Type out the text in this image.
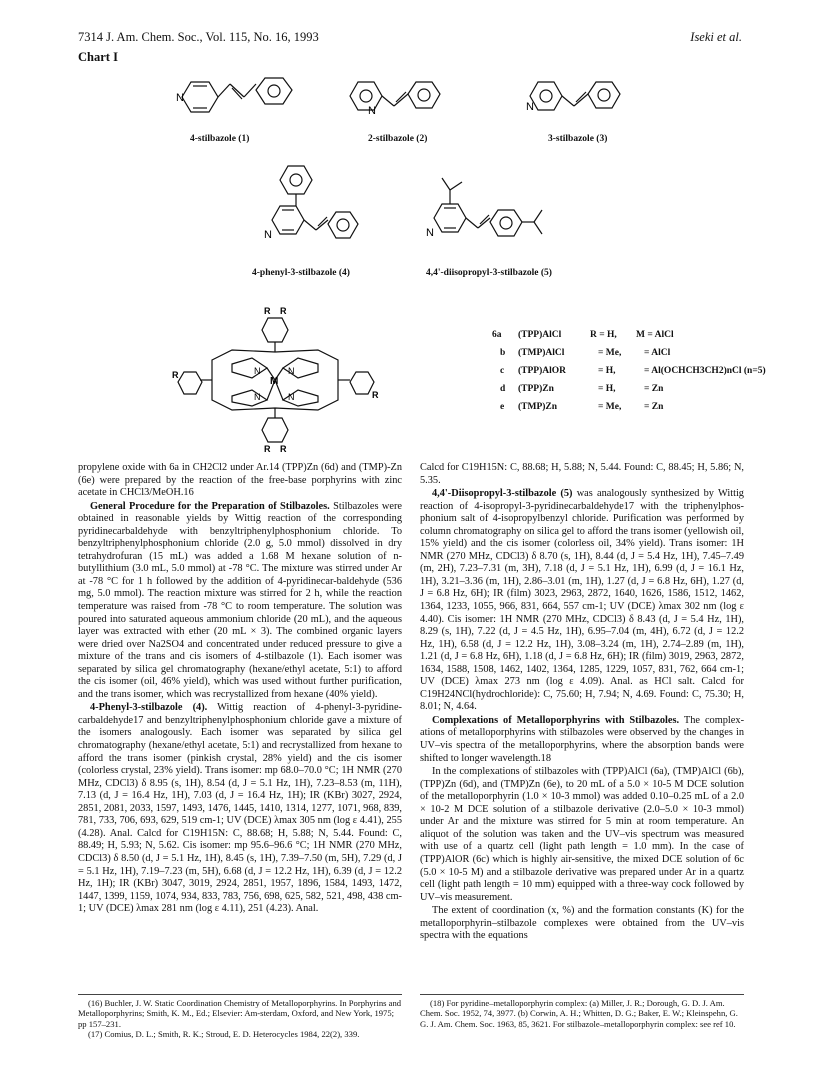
7314 J. Am. Chem. Soc., Vol. 115, No. 16, 1993	Iseki et al.
Chart I
N
N	N
4-stilbazole (1)	2-stilbazole (2)	3-stilbazole (3)
N	N
4-phenyl-3-stilbazole (4)	4,4'-diisopropyl-3-stilbazole (5)
M
N	N
N	N
R R
R
R
R R
6a (TPP)AlCl	R = H, M = AlCl
b (TMP)AlCl	= Me, = AlCl
c (TPP)AlOR	= H,	= Al(OCHCH3CH2)nCl (n=5)
d (TPP)Zn	= H,	= Zn
e (TMP)Zn	= Me, = Zn

propylene oxide with 6a in CH2Cl2 under Ar.14 (TPP)Zn (6d) and (TMP)-Zn (6e) were prepared by the reaction of the free-base porphyrins with zinc acetate in CHCl3/MeOH.16

General Procedure for the Preparation of Stilbazoles. Stilbazoles were obtained in reasonable yields by Wittig reaction of the corresponding pyridinecarbaldehyde with benzyltriphenylphosphonium chloride. To benzyltriphenylphosphonium chloride (2.0 g, 5.0 mmol) dissolved in dry tetrahydrofuran (15 mL) was added a 1.68 M hexane solution of n-butyllithium (3.0 mL, 5.0 mmol) at -78 °C. The mixture was stirred under Ar at -78 °C for 1 h followed by the addition of 4-pyridinecar-baldehyde (536 mg, 5.0 mmol). The reaction mixture was stirred for 2 h, while the reaction temperature was raised from -78 °C to room temperature. The solution was poured into saturated aqueous ammonium chloride (20 mL), and the aqueous layer was extracted with ether (20 mL × 3). The combined organic layers were dried over Na2SO4 and concentrated under reduced pressure to give a mixture of the trans and cis isomers of 4-stilbazole (1). Each isomer was separated by silica gel chromatography (hexane/ethyl acetate, 5:1) to afford the cis isomer (oil, 46% yield), which was used without further purification, and the trans isomer, which was recrystallized from hexane (40% yield).

4-Phenyl-3-stilbazole (4). Wittig reaction of 4-phenyl-3-pyridine-carbaldehyde17 and benzyltriphenylphosphonium chloride gave a mixture of the isomers analogously. Each isomer was separated by silica gel chromatography (hexane/ethyl acetate, 5:1) and recrystallized from hexane to afford the trans isomer (pinkish crystal, 28% yield) and the cis isomer (colorless crystal, 23% yield). Trans isomer: mp 68.0–70.0 °C; 1H NMR (270 MHz, CDCl3) δ 8.95 (s, 1H), 8.54 (d, J = 5.1 Hz, 1H), 7.23–8.53 (m, 11H), 7.13 (d, J = 16.4 Hz, 1H), 7.03 (d, J = 16.4 Hz, 1H); IR (KBr) 3027, 2924, 2851, 2081, 2033, 1597, 1493, 1476, 1445, 1410, 1314, 1277, 1071, 968, 839, 781, 733, 706, 693, 629, 519 cm-1; UV (DCE) λmax 305 nm (log ε 4.41), 255 (4.28). Anal. Calcd for C19H15N: C, 88.68; H, 5.88; N, 5.44. Found: C, 88.49; H, 5.93; N, 5.62. Cis isomer: mp 95.6–96.6 °C; 1H NMR (270 MHz, CDCl3) δ 8.50 (d, J = 5.1 Hz, 1H), 8.45 (s, 1H), 7.39–7.50 (m, 5H), 7.29 (d, J = 5.1 Hz, 1H), 7.19–7.23 (m, 5H), 6.68 (d, J = 12.2 Hz, 1H), 6.39 (d, J = 12.2 Hz, 1H); IR (KBr) 3047, 3019, 2924, 2851, 1957, 1896, 1584, 1493, 1472, 1447, 1399, 1159, 1074, 934, 833, 783, 756, 698, 625, 582, 521, 498, 438 cm-1; UV (DCE) λmax 281 nm (log ε 4.11), 251 (4.23). Anal.

Calcd for C19H15N: C, 88.68; H, 5.88; N, 5.44. Found: C, 88.45; H, 5.86; N, 5.35.

4,4'-Diisopropyl-3-stilbazole (5) was analogously synthesized by Wittig reaction of 4-isopropyl-3-pyridinecarbaldehyde17 with the triphenylphos-phonium salt of 4-isopropylbenzyl chloride. Purification was performed by column chromatography on silica gel to afford the trans isomer (yellowish oil, 15% yield) and the cis isomer (colorless oil, 34% yield). Trans isomer: 1H NMR (270 MHz, CDCl3) δ 8.70 (s, 1H), 8.44 (d, J = 5.4 Hz, 1H), 7.45–7.49 (m, 2H), 7.23–7.31 (m, 3H), 7.18 (d, J = 5.1 Hz, 1H), 6.99 (d, J = 16.1 Hz, 1H), 3.21–3.36 (m, 1H), 2.86–3.01 (m, 1H), 1.27 (d, J = 6.8 Hz, 6H), 1.27 (d, J = 6.8 Hz, 6H); IR (film) 3023, 2963, 2872, 1640, 1626, 1586, 1512, 1462, 1364, 1233, 1055, 966, 831, 664, 557 cm-1; UV (DCE) λmax 302 nm (log ε 4.40). Cis isomer: 1H NMR (270 MHz, CDCl3) δ 8.43 (d, J = 5.4 Hz, 1H), 8.29 (s, 1H), 7.22 (d, J = 4.5 Hz, 1H), 6.95–7.04 (m, 4H), 6.72 (d, J = 12.2 Hz, 1H), 6.58 (d, J = 12.2 Hz, 1H), 3.08–3.24 (m, 1H), 2.74–2.89 (m, 1H), 1.21 (d, J = 6.8 Hz, 6H), 1.18 (d, J = 6.8 Hz, 6H); IR (film) 3019, 2963, 2872, 1634, 1588, 1508, 1462, 1402, 1364, 1285, 1229, 1057, 831, 762, 664 cm-1; UV (DCE) λmax 273 nm (log ε 4.09). Anal. as HCl salt. Calcd for C19H24NCl(hydrochloride): C, 75.60; H, 7.94; N, 4.69. Found: C, 75.30; H, 8.01; N, 4.64.

Complexations of Metalloporphyrins with Stilbazoles. The complex-ations of metalloporphyrins with stilbazoles were observed by the changes in UV–vis spectra of the metalloporphyrins, where the absorption bands were shifted to longer wavelength.18

In the complexations of stilbazoles with (TPP)AlCl (6a), (TMP)AlCl (6b), (TPP)Zn (6d), and (TMP)Zn (6e), to 20 mL of a 5.0 × 10-5 M DCE solution of the metalloporphyrin (1.0 × 10-3 mmol) was added 0.10–0.25 mL of a 2.0 × 10-2 M DCE solution of a stilbazole derivative (2.0–5.0 × 10-3 mmol) under Ar and the mixture was stirred for 5 min at room temperature. An aliquot of the solution was taken and the UV–vis spectrum was measured with use of a quartz cell (light path length = 1.0 mm). In the case of (TPP)AlOR (6c) which is highly air-sensitive, the mixed DCE solution of 6c (5.0 × 10-5 M) and a stilbazole derivative was prepared under Ar in a quartz cell (light path length = 10 mm) equipped with a three-way cock followed by UV–vis measurement.

The extent of coordination (x, %) and the formation constants (K) for the metalloporphyrin–stilbazole complexes were obtained from the UV–vis spectra with the equations

(16) Buchler, J. W. Static Coordination Chemistry of Metalloporphyrins. In Porphyrins and Metalloporphyrins; Smith, K. M., Ed.; Elsevier: Am-sterdam, Oxford, and New York, 1975; pp 157–231.

(17) Comius, D. L.; Smith, R. K.; Stroud, E. D. Heterocycles 1984, 22(2), 339.

(18) For pyridine–metalloporphyrin complex: (a) Miller, J. R.; Dorough, G. D. J. Am. Chem. Soc. 1952, 74, 3977. (b) Corwin, A. H.; Whitten, D. G.; Baker, E. W.; Kleinspehn, G. G. J. Am. Chem. Soc. 1963, 85, 3621. For stilbazole–metalloporphyrin complex: see ref 10.
